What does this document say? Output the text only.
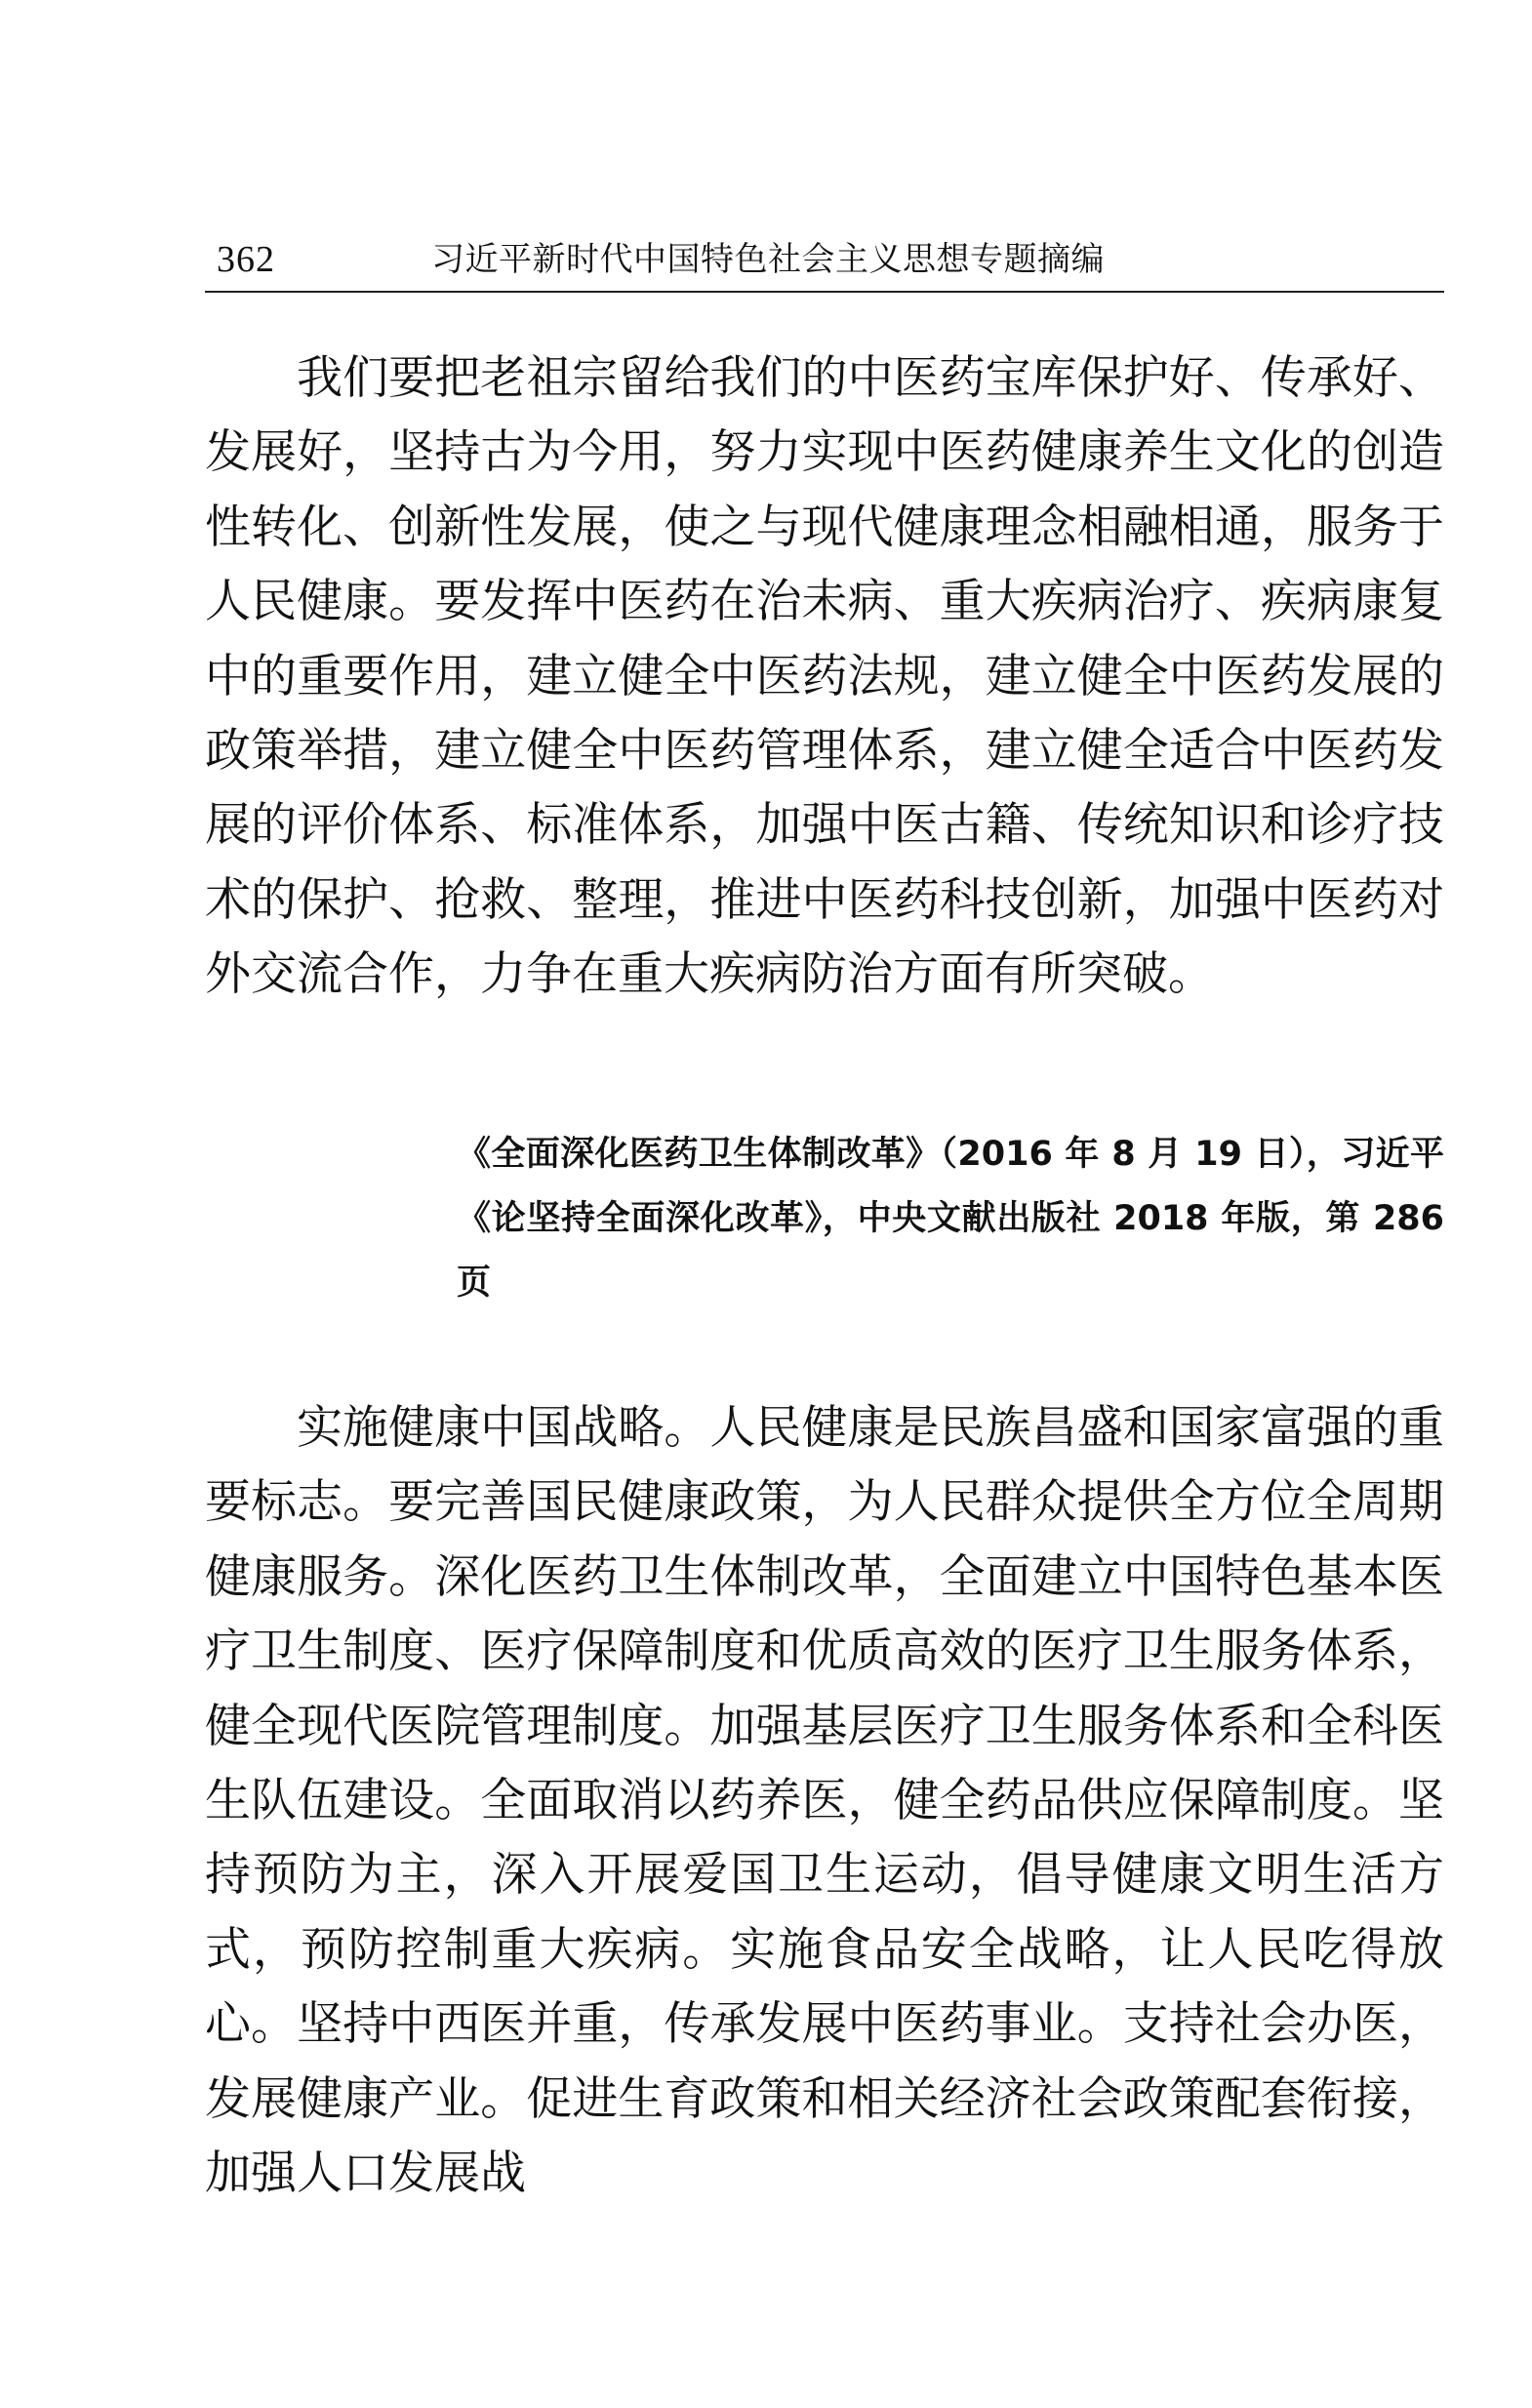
362	习近平新时代中国特色社会主义思想专题摘编

我们要把老祖宗留给我们的中医药宝库保护好、传承好、发展好，坚持古为今用，努力实现中医药健康养生文化的创造性转化、创新性发展，使之与现代健康理念相融相通，服务于人民健康。要发挥中医药在治未病、重大疾病治疗、疾病康复中的重要作用，建立健全中医药法规，建立健全中医药发展的政策举措，建立健全中医药管理体系，建立健全适合中医药发展的评价体系、标准体系，加强中医古籍、传统知识和诊疗技术的保护、抢救、整理，推进中医药科技创新，加强中医药对外交流合作，力争在重大疾病防治方面有所突破。

《全面深化医药卫生体制改革》（2016 年 8 月 19 日），习近平《论坚持全面深化改革》，中央文献出版社 2018 年版，第 286 页

实施健康中国战略。人民健康是民族昌盛和国家富强的重要标志。要完善国民健康政策，为人民群众提供全方位全周期健康服务。深化医药卫生体制改革，全面建立中国特色基本医疗卫生制度、医疗保障制度和优质高效的医疗卫生服务体系，健全现代医院管理制度。加强基层医疗卫生服务体系和全科医生队伍建设。全面取消以药养医，健全药品供应保障制度。坚持预防为主，深入开展爱国卫生运动，倡导健康文明生活方式，预防控制重大疾病。实施食品安全战略，让人民吃得放心。坚持中西医并重，传承发展中医药事业。支持社会办医，发展健康产业。促进生育政策和相关经济社会政策配套衔接，加强人口发展战
